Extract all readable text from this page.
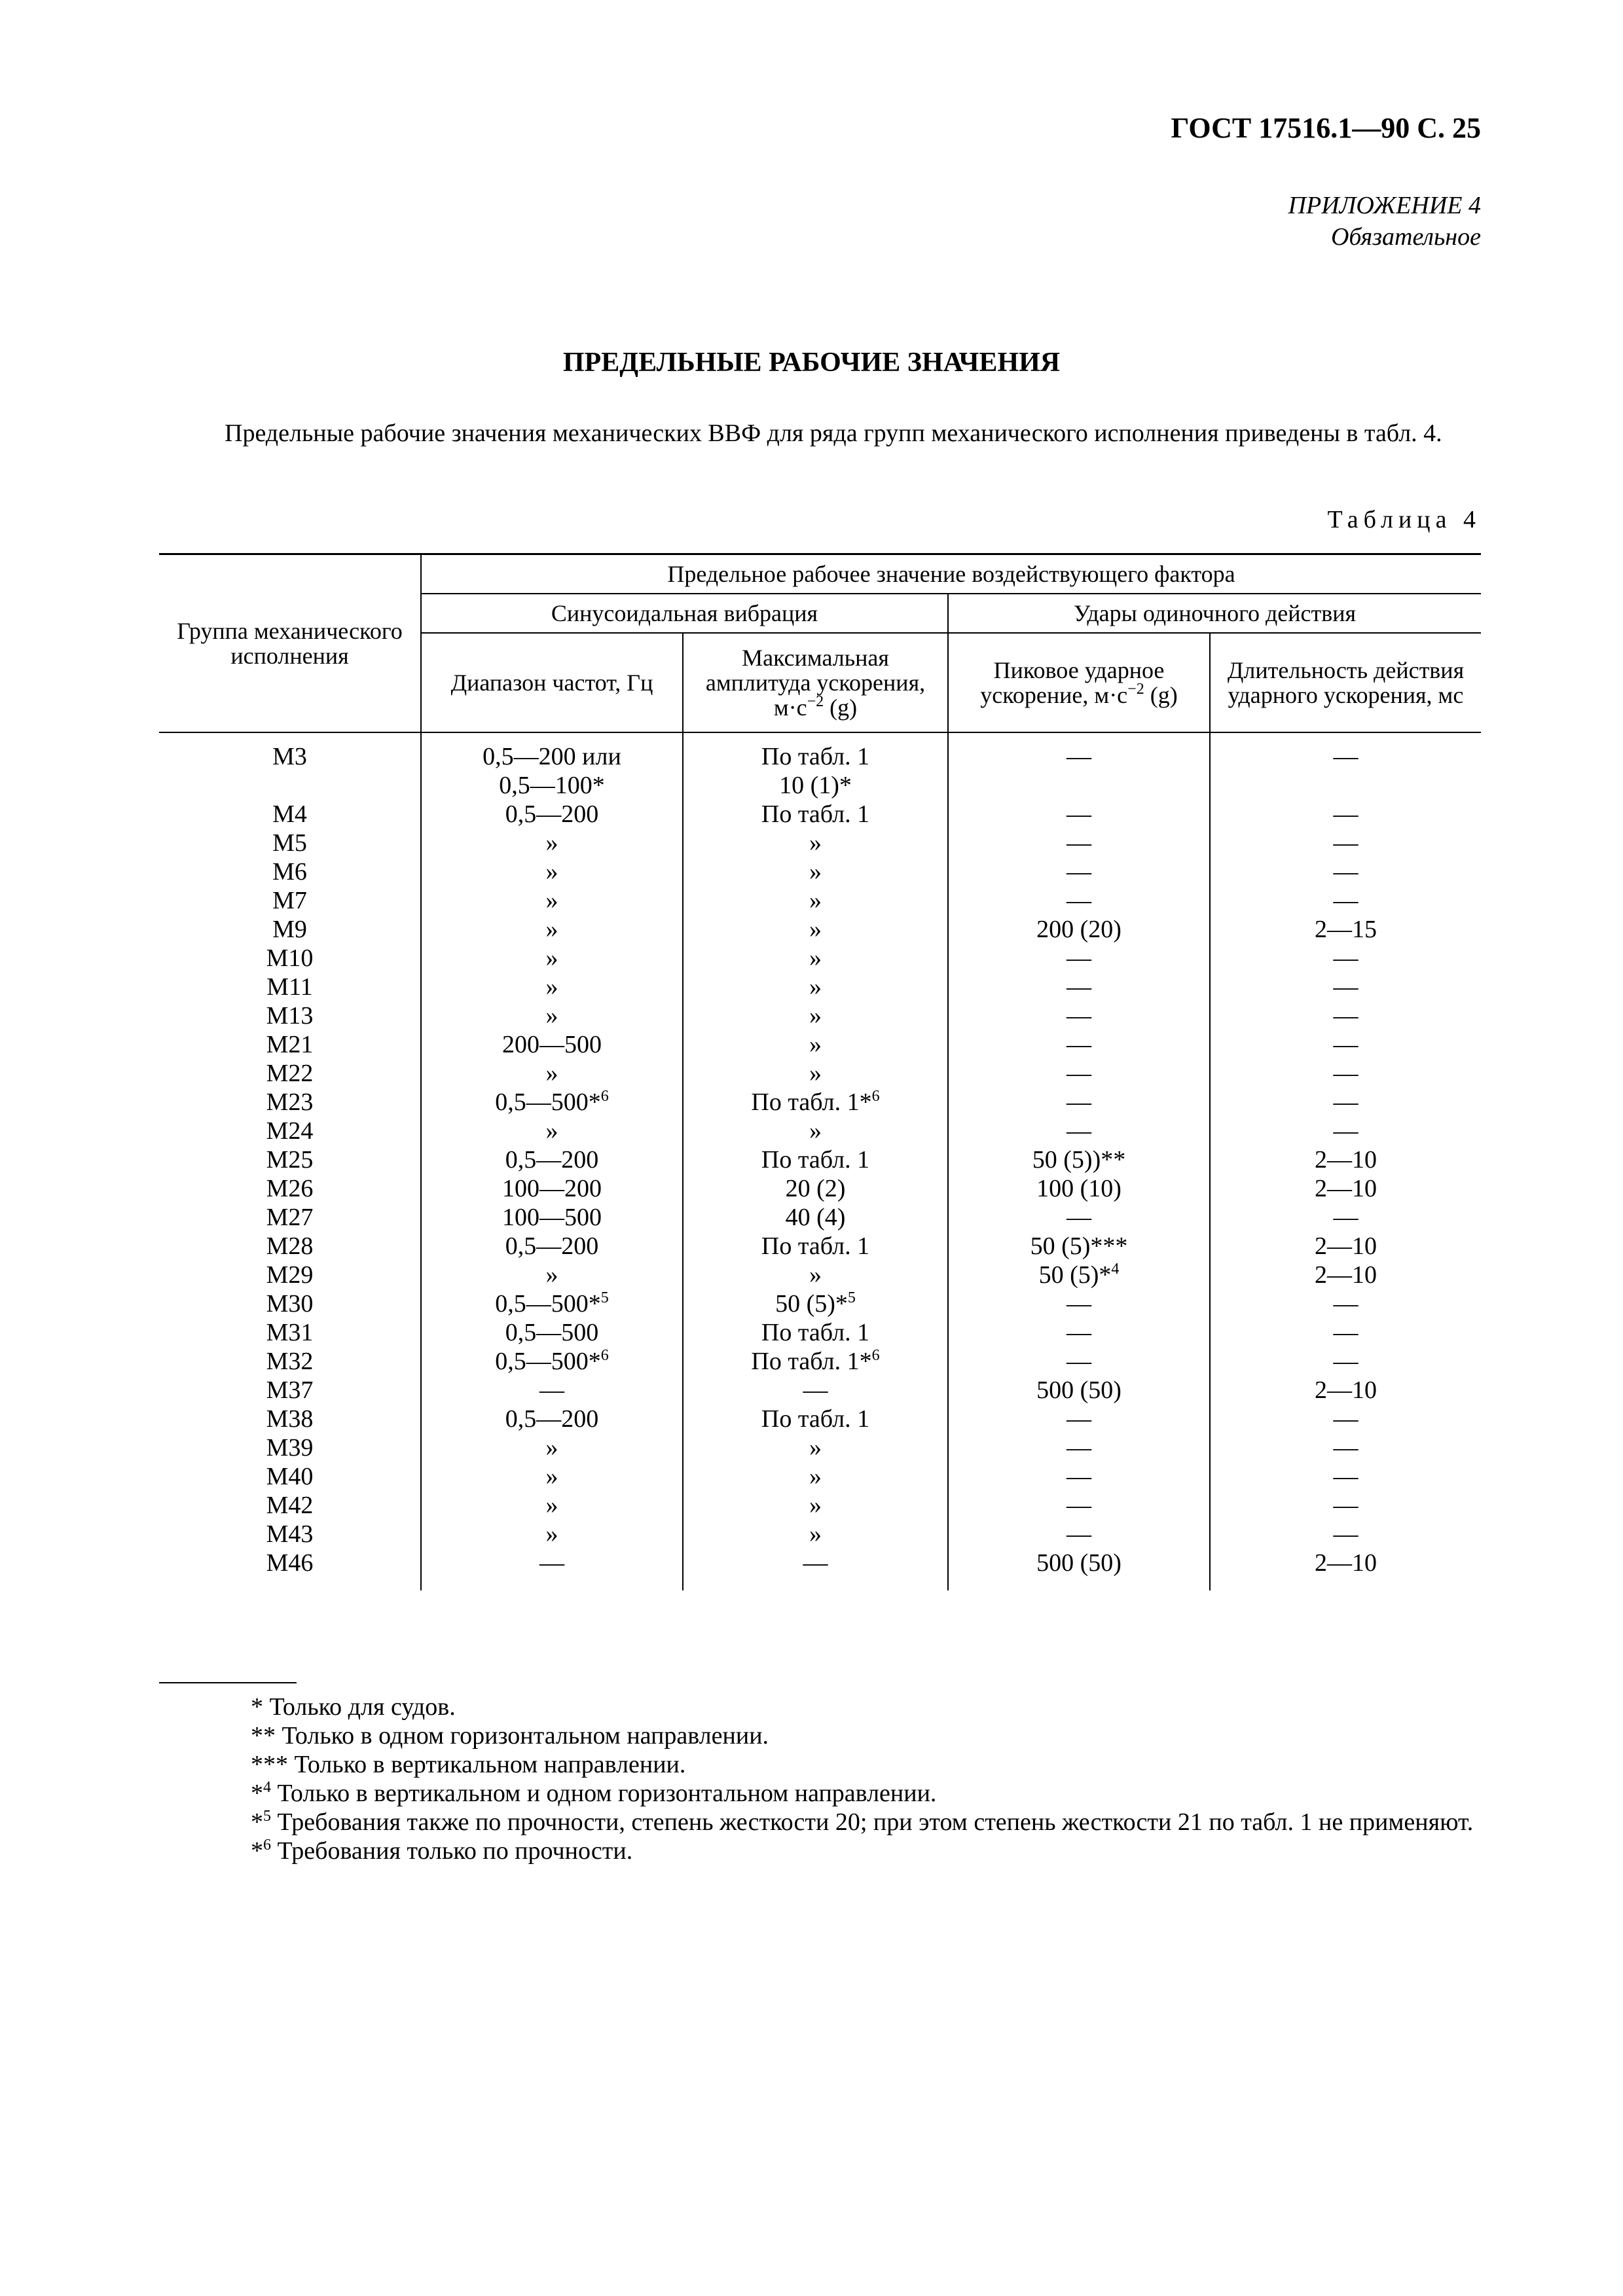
ГОСТ 17516.1—90 С. 25
ПРИЛОЖЕНИЕ 4
Обязательное
ПРЕДЕЛЬНЫЕ РАБОЧИЕ ЗНАЧЕНИЯ
Предельные рабочие значения механических ВВФ для ряда групп механического исполнения приведены в табл. 4.
Таблица 4
Группа механического исполнения	Предельное рабочее значение воздействующего фактора			
	Синусоидальная вибрация		Удары одиночного действия	
	Диапазон частот, Гц	Максимальная амплитуда ускорения, $м\cdot с^{-2}$ (g)	Пиковое ударное ускорение, $м\cdot с^{-2}$ (g)	Длительность действия ударного ускорения, мс
М3	0,5—200 или	По табл. 1	—	—
	0,5—100*	10 (1)*		
М4	0,5—200	По табл. 1	—	—
М5	»	»	—	—
М6	»	»	—	—
М7	»	»	—	—
М9	»	»	200 (20)	2—15
М10	»	»	—	—
М11	»	»	—	—
М13	»	»	—	—
М21	200—500	»	—	—
М22	»	»	—	—
М23	0,5—500*$^6$	По табл. 1*$^6$	—	—
М24	»	»	—	—
М25	0,5—200	По табл. 1	50 (5))**	2—10
М26	100—200	20 (2)	100 (10)	2—10
М27	100—500	40 (4)	—	—
М28	0,5—200	По табл. 1	50 (5)***	2—10
М29	»	»	50 (5)*$^4$	2—10
М30	0,5—500*$^5$	50 (5)*$^5$	—	—
М31	0,5—500	По табл. 1	—	—
М32	0,5—500*$^6$	По табл. 1*$^6$	—	—
М37	—	—	500 (50)	2—10
М38	0,5—200	По табл. 1	—	—
М39	»	»	—	—
М40	»	»	—	—
М42	»	»	—	—
М43	»	»	—	—
М46	—	—	500 (50)	2—10
* Только для судов.
** Только в одном горизонтальном направлении.
*** Только в вертикальном направлении.
*$^4$ Только в вертикальном и одном горизонтальном направлении.
*$^5$ Требования также по прочности, степень жесткости 20; при этом степень жесткости 21 по табл. 1 не применяют.
*$^6$ Требования только по прочности.
